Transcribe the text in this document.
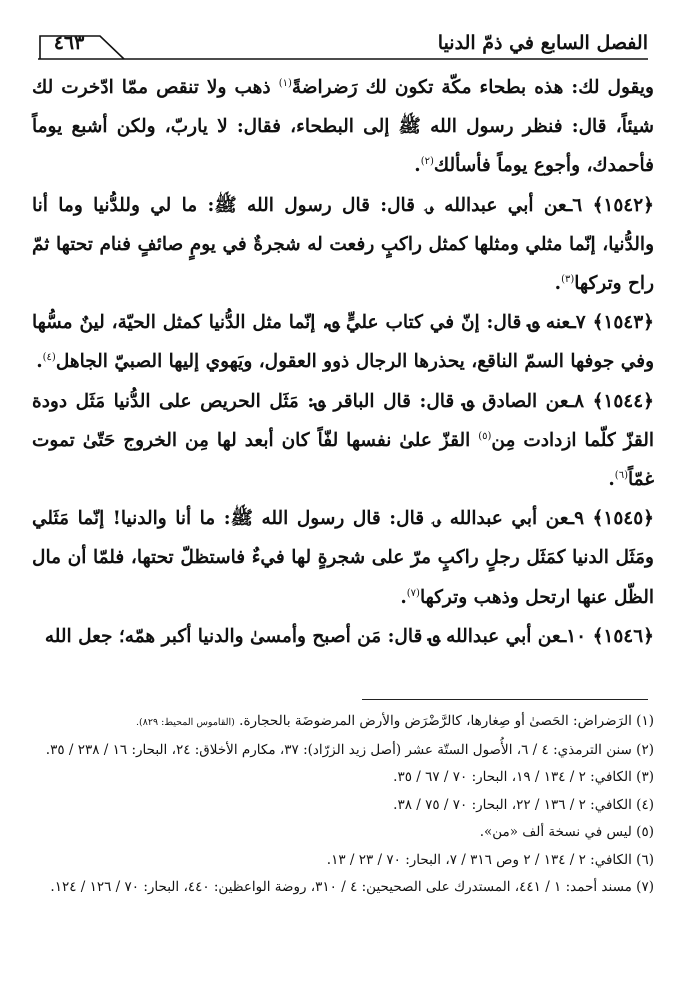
الفصل السابع في ذمّ الدنيا
٤٦٣

ويقول لك: هذه بطحاء مكّة تكون لك رَضراضةً$^{(١)}$ ذهب ولا تنقص ممّا ادّخرت لك شيئاً، قال: فنظر رسول الله ﷺ إلى البطحاء، فقال: لا ياربّ، ولكن أشبع يوماً فأحمدك، وأجوع يوماً فأسألك$^{(٢)}$.

﴿١٥٤٢﴾ ٦ـعن أبي عبدالله ؈ قال: قال رسول الله ﷺ: ما لي وللدُّنيا وما أنا والدُّنيا، إنّما مثلي ومثلها كمثل راكبٍ رفعت له شجرةٌ في يومٍ صائفٍ فنام تحتها ثمّ راح وتركها$^{(٣)}$.

﴿١٥٤٣﴾ ٧ـعنه ؈ قال: إنّ في كتاب عليٍّ ؈، إنّما مثل الدُّنيا كمثل الحيّة، لينٌ مسُّها وفي جوفها السمّ الناقع، يحذرها الرجال ذوو العقول، ويَهوي إليها الصبيّ الجاهل$^{(٤)}$.

﴿١٥٤٤﴾ ٨ـعن الصادق ؈ قال: قال الباقر ؈: مَثَل الحريص على الدُّنيا مَثَل دودة القزّ كلّما ازدادت مِن$^{(٥)}$ القزّ علىٰ نفسها لفّاً كان أبعد لها مِن الخروج حَتّىٰ تموت غمّاً$^{(٦)}$.

﴿١٥٤٥﴾ ٩ـعن أبي عبدالله ؈ قال: قال رسول الله ﷺ: ما أنا والدنيا! إنّما مَثَلي ومَثَل الدنيا كمَثَل رجلٍ راكبٍ مرّ على شجرةٍ لها فيءٌ فاستظلّ تحتها، فلمّا أن مال الظّل عنها ارتحل وذهب وتركها$^{(٧)}$.

﴿١٥٤٦﴾ ١٠ـعن أبي عبدالله ؈ قال: مَن أصبح وأمسىٰ والدنيا أكبر همّه؛ جعل الله

(١) الرَضراض: الحَصىٰ أو صِغارها، كالرَّضْرَض والأرض المرضوضَة بالحجارة. (القاموس المحيط: ٨٢٩).

(٢) سنن الترمذي: ٤ / ٦، الأُصول الستّة عشر (أصل زيد الزرّاد): ٣٧، مكارم الأخلاق: ٢٤، البحار: ١٦ / ٢٣٨ / ٣٥.

(٣) الكافي: ٢ / ١٣٤ / ١٩، البحار: ٧٠ / ٦٧ / ٣٥.

(٤) الكافي: ٢ / ١٣٦ / ٢٢، البحار: ٧٠ / ٧٥ / ٣٨.

(٥) ليس في نسخة ألف «من».

(٦) الكافي: ٢ / ١٣٤ / ٢ وص ٣١٦ / ٧، البحار: ٧٠ / ٢٣ / ١٣.

(٧) مسند أحمد: ١ / ٤٤١، المستدرك على الصحيحين: ٤ / ٣١٠، روضة الواعظين: ٤٤٠، البحار: ٧٠ / ١٢٦ / ١٢٤.
